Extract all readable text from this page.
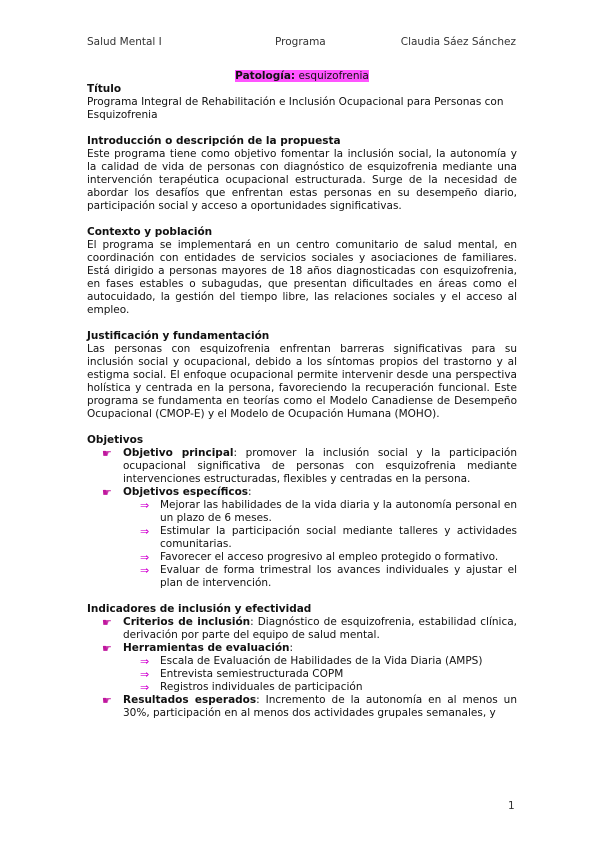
Salud Mental I	Programa	Claudia Sáez Sánchez
Patología: esquizofrenia

Título

Programa Integral de Rehabilitación e Inclusión Ocupacional para Personas con Esquizofrenia

Introducción o descripción de la propuesta

Este programa tiene como objetivo fomentar la inclusión social, la autonomía y la calidad de vida de personas con diagnóstico de esquizofrenia mediante una intervención terapéutica ocupacional estructurada. Surge de la necesidad de abordar los desafíos que enfrentan estas personas en su desempeño diario, participación social y acceso a oportunidades significativas.

Contexto y población

El programa se implementará en un centro comunitario de salud mental, en coordinación con entidades de servicios sociales y asociaciones de familiares. Está dirigido a personas mayores de 18 años diagnosticadas con esquizofrenia, en fases estables o subagudas, que presentan dificultades en áreas como el autocuidado, la gestión del tiempo libre, las relaciones sociales y el acceso al empleo.

Justificación y fundamentación

Las personas con esquizofrenia enfrentan barreras significativas para su inclusión social y ocupacional, debido a los síntomas propios del trastorno y al estigma social. El enfoque ocupacional permite intervenir desde una perspectiva holística y centrada en la persona, favoreciendo la recuperación funcional. Este programa se fundamenta en teorías como el Modelo Canadiense de Desempeño Ocupacional (CMOP-E) y el Modelo de Ocupación Humana (MOHO).

Objetivos

☛ Objetivo principal: promover la inclusión social y la participación ocupacional significativa de personas con esquizofrenia mediante intervenciones estructuradas, flexibles y centradas en la persona.
☛ Objetivos específicos:
⇒ Mejorar las habilidades de la vida diaria y la autonomía personal en un plazo de 6 meses.
⇒ Estimular la participación social mediante talleres y actividades comunitarias.
⇒ Favorecer el acceso progresivo al empleo protegido o formativo.
⇒ Evaluar de forma trimestral los avances individuales y ajustar el plan de intervención.

Indicadores de inclusión y efectividad

☛ Criterios de inclusión: Diagnóstico de esquizofrenia, estabilidad clínica, derivación por parte del equipo de salud mental.
☛ Herramientas de evaluación:
⇒ Escala de Evaluación de Habilidades de la Vida Diaria (AMPS)
⇒ Entrevista semiestructurada COPM
⇒ Registros individuales de participación
☛ Resultados esperados: Incremento de la autonomía en al menos un 30%, participación en al menos dos actividades grupales semanales, y
1
